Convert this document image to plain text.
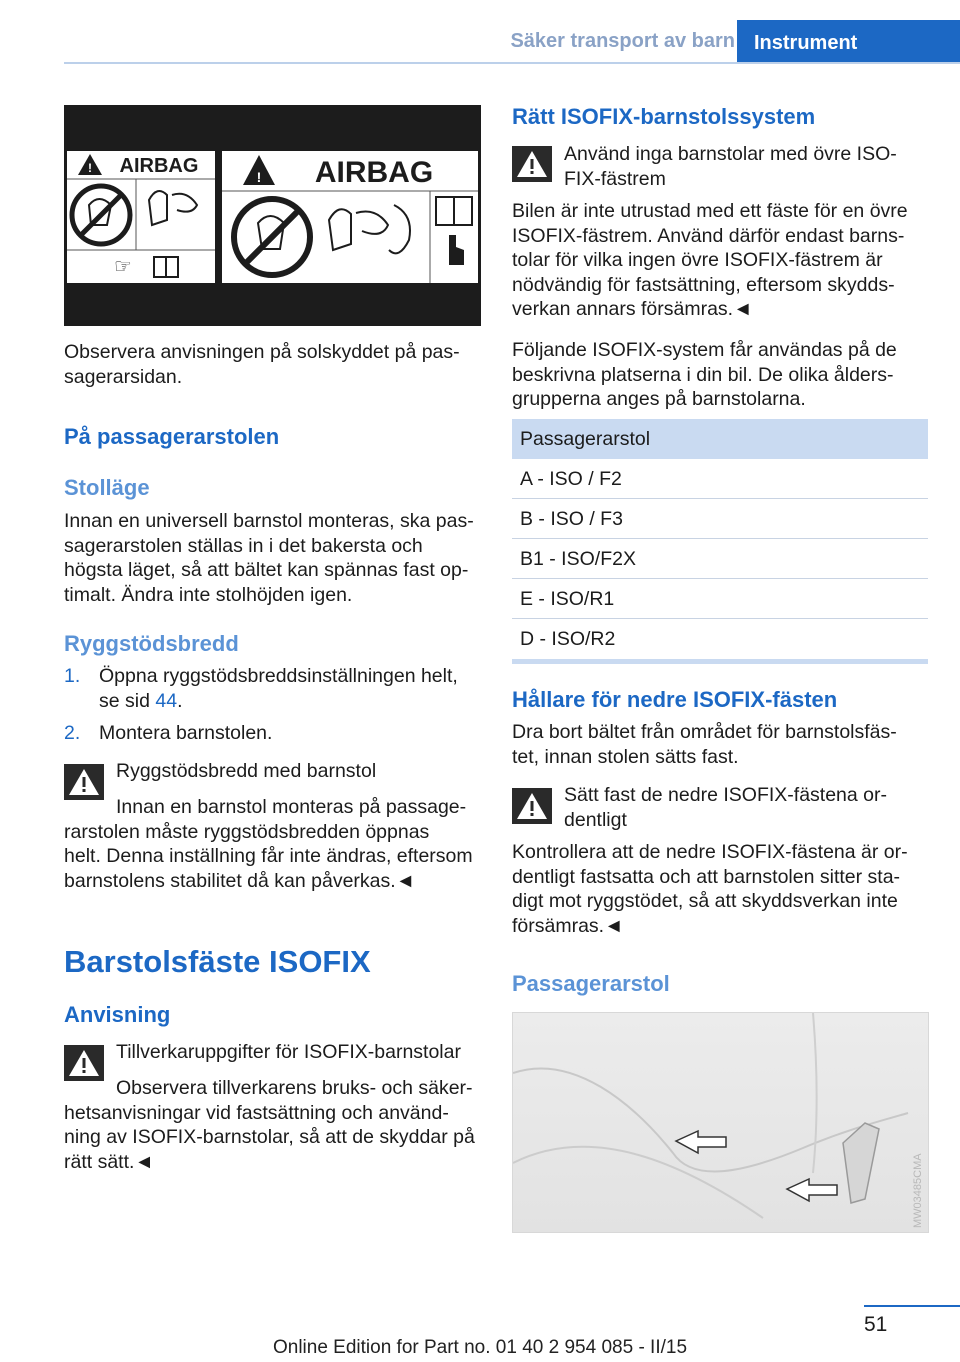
Säker transport av barn Instrument
! AIRBAG
☞
! AIRBAG
Observera anvisningen på solskyddet på pas-
sagerarsidan.
På passagerarstolen
Stolläge
Innan en universell barnstol monteras, ska pas-
sagerarstolen ställas in i det bakersta och
högsta läget, så att bältet kan spännas fast op-
timalt. Ändra inte stolhöjden igen.
Ryggstödsbredd
1. Öppna ryggstödsbreddsinställningen helt,
se sid 44.
2. Montera barnstolen.
Ryggstödsbredd med barnstol
Innan en barnstol monteras på passage-
rarstolen måste ryggstödsbredden öppnas
helt. Denna inställning får inte ändras, eftersom
barnstolens stabilitet då kan påverkas.◄
Barstolsfäste ISOFIX
Anvisning
Tillverkaruppgifter för ISOFIX-barnstolar
Observera tillverkarens bruks- och säker-
hetsanvisningar vid fastsättning och använd-
ning av ISOFIX-barnstolar, så att de skyddar på
rätt sätt.◄
Rätt ISOFIX-barnstolssystem
Använd inga barnstolar med övre ISO-
FIX-fästrem
Bilen är inte utrustad med ett fäste för en övre
ISOFIX-fästrem. Använd därför endast barns-
tolar för vilka ingen övre ISOFIX-fästrem är
nödvändig för fastsättning, eftersom skydds-
verkan annars försämras.◄
Följande ISOFIX-system får användas på de
beskrivna platserna i din bil. De olika ålders-
grupperna anges på barnstolarna.
Passagerarstol
A - ISO / F2
B - ISO / F3
B1 - ISO/F2X
E - ISO/R1
D - ISO/R2
Hållare för nedre ISOFIX-fästen
Dra bort bältet från området för barnstolsfäs-
tet, innan stolen sätts fast.
Sätt fast de nedre ISOFIX-fästena or-
dentligt
Kontrollera att de nedre ISOFIX-fästena är or-
dentligt fastsatta och att barnstolen sitter sta-
digt mot ryggstödet, så att skyddsverkan inte
försämras.◄
Passagerarstol
MW03485CMA
51
Online Edition for Part no. 01 40 2 954 085 - II/15
